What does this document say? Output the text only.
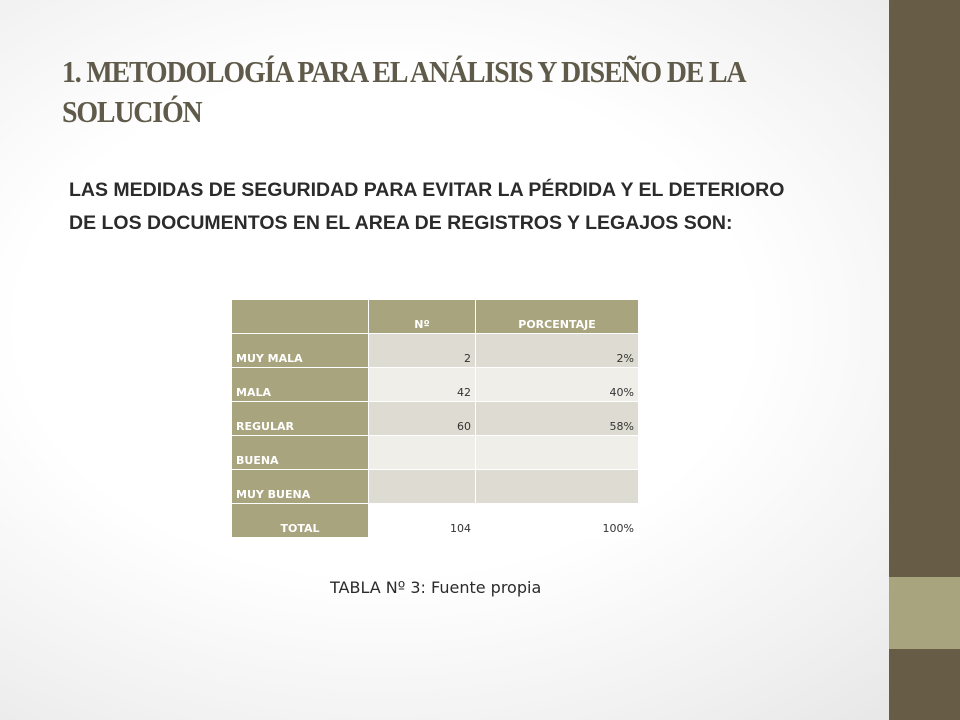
1. METODOLOGÍA PARA EL ANÁLISIS Y DISEÑO DE LA SOLUCIÓN

LAS MEDIDAS DE SEGURIDAD PARA EVITAR LA PÉRDIDA Y EL DETERIORO DE LOS DOCUMENTOS EN EL AREA DE REGISTROS Y LEGAJOS SON:

	Nº	PORCENTAJE
MUY MALA	2	2%
MALA	42	40%
REGULAR	60	58%
BUENA		
MUY BUENA		
TOTAL	104	100%

TABLA Nº 3: Fuente propia
